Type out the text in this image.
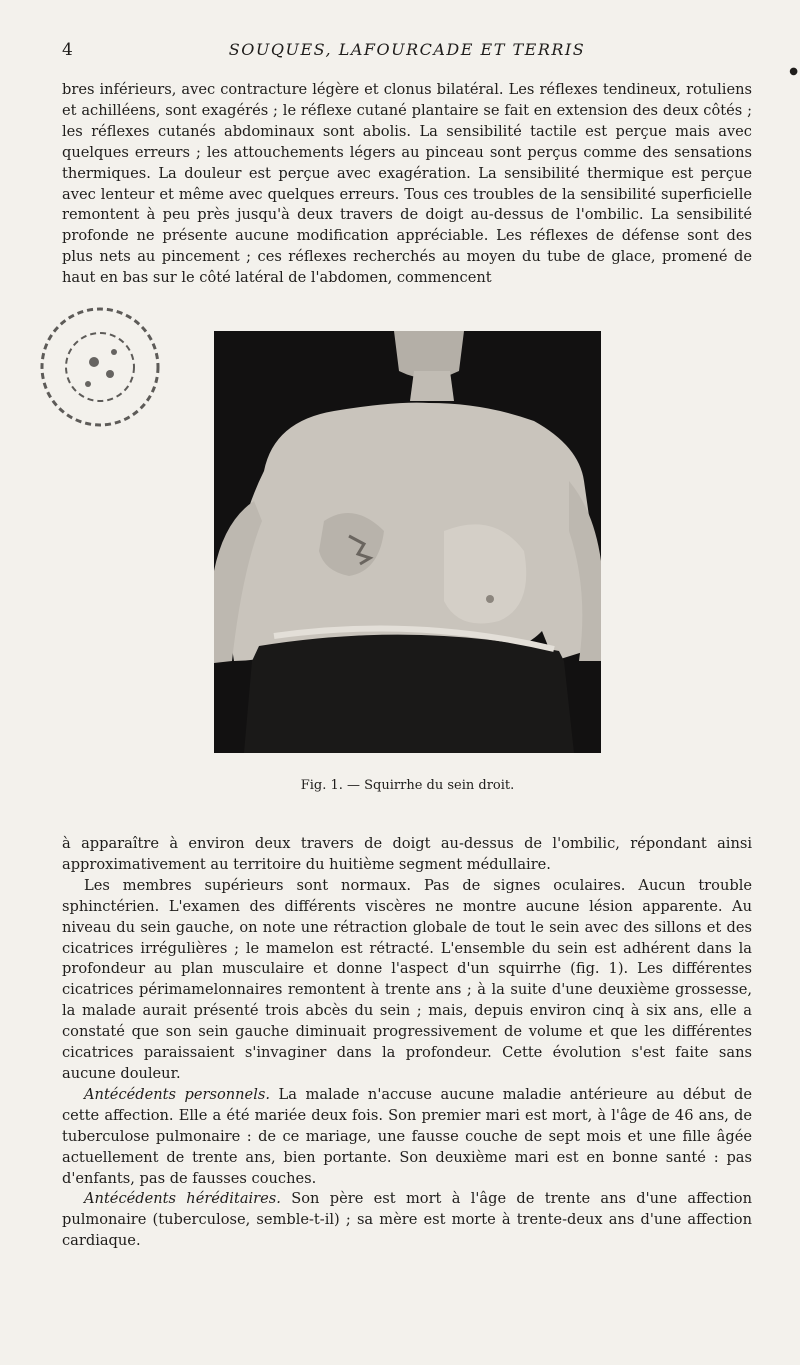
4	SOUQUES, LAFOURCADE ET TERRIS
●

bres inférieurs, avec contracture légère et clonus bilatéral. Les réflexes tendineux, rotuliens et achilléens, sont exagérés ; le réflexe cutané plantaire se fait en extension des deux côtés ; les réflexes cutanés abdominaux sont abolis. La sensibilité tactile est perçue mais avec quelques erreurs ; les attouchements légers au pinceau sont perçus comme des sensations thermiques. La douleur est perçue avec exagération. La sensibilité thermique est perçue avec lenteur et même avec quelques erreurs. Tous ces troubles de la sensibilité superficielle remontent à peu près jusqu'à deux travers de doigt au-dessus de l'ombilic. La sensibilité profonde ne présente aucune modification appréciable. Les réflexes de défense sont des plus nets au pincement ; ces réflexes recherchés au moyen du tube de glace, promené de haut en bas sur le côté latéral de l'abdomen, commencent

Fig. 1. — Squirrhe du sein droit.

à apparaître à environ deux travers de doigt au-dessus de l'ombilic, répondant ainsi approximativement au territoire du huitième segment médullaire.

Les membres supérieurs sont normaux. Pas de signes oculaires. Aucun trouble sphinctérien. L'examen des différents viscères ne montre aucune lésion apparente. Au niveau du sein gauche, on note une rétraction globale de tout le sein avec des sillons et des cicatrices irrégulières ; le mamelon est rétracté. L'ensemble du sein est adhérent dans la profondeur au plan musculaire et donne l'aspect d'un squirrhe (fig. 1). Les différentes cicatrices périmamelonnaires remontent à trente ans ; à la suite d'une deuxième grossesse, la malade aurait présenté trois abcès du sein ; mais, depuis environ cinq à six ans, elle a constaté que son sein gauche diminuait progressivement de volume et que les différentes cicatrices paraissaient s'invaginer dans la profondeur. Cette évolution s'est faite sans aucune douleur.

Antécédents personnels. La malade n'accuse aucune maladie antérieure au début de cette affection. Elle a été mariée deux fois. Son premier mari est mort, à l'âge de 46 ans, de tuberculose pulmonaire : de ce mariage, une fausse couche de sept mois et une fille âgée actuellement de trente ans, bien portante. Son deuxième mari est en bonne santé : pas d'enfants, pas de fausses couches.

Antécédents héréditaires. Son père est mort à l'âge de trente ans d'une affection pulmonaire (tuberculose, semble-t-il) ; sa mère est morte à trente-deux ans d'une affection cardiaque.
